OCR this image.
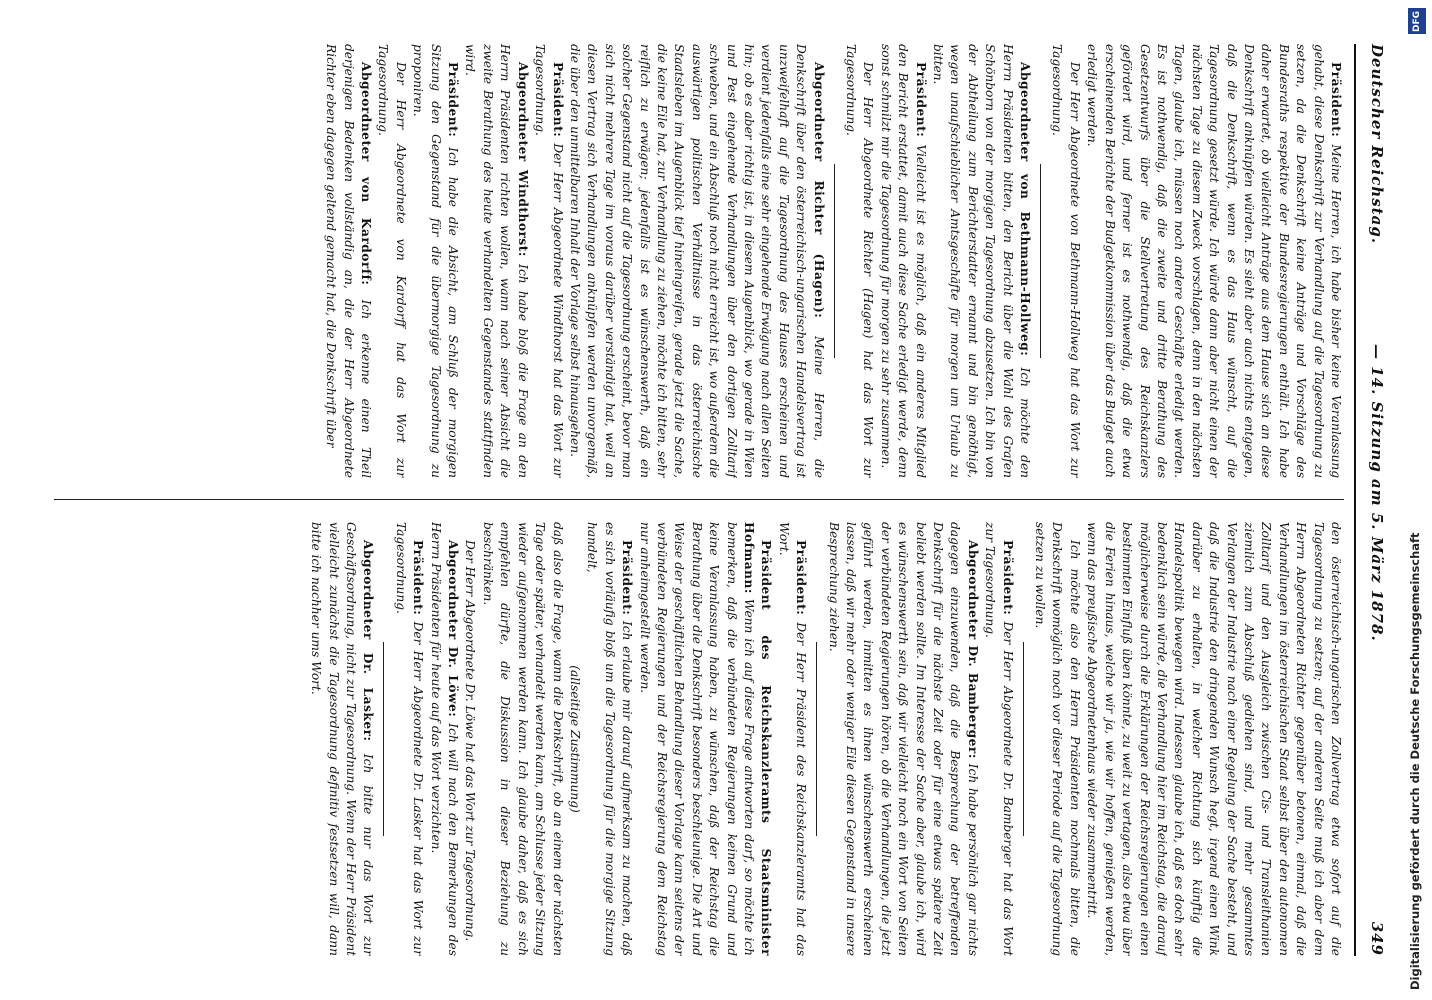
Deutscher Reichstag.
— 14. Sitzung am 5. März 1878.
349

Präsident: Meine Herren, ich habe bisher keine Veranlassung gehabt, diese Denkschrift zur Verhandlung auf die Tagesordnung zu setzen, da die Denkschrift keine Anträge und Vorschläge des Bundesraths respektive der Bundesregierungen enthält. Ich habe daher erwartet, ob vielleicht Anträge aus dem Hause sich an diese Denkschrift anknüpfen würden. Es sieht aber auch nichts entgegen, daß die Denkschrift, wenn es das Haus wünscht, auf die Tagesordnung gesetzt würde. Ich würde dann aber nicht einen der nächsten Tage zu diesem Zweck vorschlagen, denn in den nächsten Tagen, glaube ich, müssen noch andere Geschäfte erledigt werden. Es ist nothwendig, daß die zweite und dritte Berathung des Gesetzentwurfs über die Stellvertretung des Reichskanzlers gefördert wird, und ferner ist es nothwendig, daß die etwa erscheinenden Berichte der Budgetkommission über das Budget auch erledigt werden.

Der Herr Abgeordnete von Bethmann-Hollweg hat das Wort zur Tagesordnung.

Abgeordneter von Bethmann-Hollweg: Ich möchte den Herrn Präsidenten bitten, den Bericht über die Wahl des Grafen Schönborn von der morgigen Tagesordnung abzusetzen. Ich bin von der Abtheilung zum Berichterstatter ernannt und bin genöthigt, wegen unaufschieblicher Amtsgeschäfte für morgen um Urlaub zu bitten.

Präsident: Vielleicht ist es möglich, daß ein anderes Mitglied den Bericht erstattet, damit auch diese Sache erledigt werde, denn sonst schmilzt mir die Tagesordnung für morgen zu sehr zusammen.

Der Herr Abgeordnete Richter (Hagen) hat das Wort zur Tagesordnung.

Abgeordneter Richter (Hagen): Meine Herren, die Denkschrift über den österreichisch-ungarischen Handelsvertrag ist unzweifelhaft auf die Tagesordnung des Hauses erscheinen und verdient jedenfalls eine sehr eingehende Erwägung nach allen Seiten hin; ob es aber richtig ist, in diesem Augenblick, wo gerade in Wien und Pest eingehende Verhandlungen über den dortigen Zolltarif schweben, und ein Abschluß noch nicht erreicht ist, wo außerdem die auswärtigen politischen Verhältnisse in das österreichische Staatsleben im Augenblick tief hineingreifen, gerade jetzt die Sache, die keine Eile hat, zur Verhandlung zu ziehen, möchte ich bitten, sehr reiflich zu erwägen; jedenfalls ist es wünschenswerth, daß ein solcher Gegenstand nicht auf die Tagesordnung erscheint, bevor man sich nicht mehrere Tage im voraus darüber verständigt hat, weil an diesen Vertrag sich Verhandlungen anknüpfen werden unvorgemäß, die über den unmittelbaren Inhalt der Vorlage selbst hinausgehen.

Präsident: Der Herr Abgeordnete Windthorst hat das Wort zur Tagesordnung.

Abgeordneter Windthorst: Ich habe bloß die Frage an den Herrn Präsidenten richten wollen, wann nach seiner Absicht die zweite Berathung des heute verhandelten Gegenstandes stattfinden wird.

Präsident: Ich habe die Absicht, am Schluß der morgigen Sitzung den Gegenstand für die übermorgige Tagesordnung zu proponiren.

Der Herr Abgeordnete von Kardorff hat das Wort zur Tagesordnung.

Abgeordneter von Kardorff: Ich erkenne einen Theil derjenigen Bedenken vollständig an, die der Herr Abgeordnete Richter eben dagegen geltend gemacht hat, die Denkschrift über

den österreichisch-ungarischen Zollvertrag etwa sofort auf die Tagesordnung zu setzen; auf der anderen Seite muß ich aber dem Herrn Abgeordneten Richter gegenüber betonen, einmal, daß die Verhandlungen im österreichischen Staat selbst über den autonomen Zolltarif und den Ausgleich zwischen Cis- und Transleithanien ziemlich zum Abschluß gediehen sind, und mehr gesammtes Verlangen der Industrie nach einer Regelung der Sache besteht, und daß die Industrie den dringenden Wunsch hegt, irgend einen Wink darüber zu erhalten, in welcher Richtung sich künftig die Handelspolitik bewegen wird. Indessen glaube ich, daß es doch sehr bedenklich sein würde, die Verhandlung hier im Reichstag, die darauf möglicherweise durch die Erklärungen der Reichsregierungen einen bestimmten Einfluß üben könnte, zu weit zu vertagen, also etwa über die Ferien hinaus, welche wir ja, wie wir hoffen, genießen werden, wenn das preußische Abgeordnetenhaus wieder zusammentritt.

Ich möchte also den Herrn Präsidenten nochmals bitten, die Denkschrift womöglich noch vor dieser Periode auf die Tagesordnung setzen zu wollen.

Präsident: Der Herr Abgeordnete Dr. Bamberger hat das Wort zur Tagesordnung.

Abgeordneter Dr. Bamberger: Ich habe persönlich gar nichts dagegen einzuwenden, daß die Besprechung der betreffenden Denkschrift für die nächste Zeit oder für eine etwas spätere Zeit beliebt werden sollte. Im Interesse der Sache aber, glaube ich, wird es wünschenswerth sein, daß wir vielleicht noch ein Wort von Seiten der verbündeten Regierungen hören, ob die Verhandlungen, die jetzt geführt werden, inmitten es ihnen wünschenswerth erscheinen lassen, daß wir mehr oder weniger Eile diesen Gegenstand in unsere Besprechung ziehen.

Präsident: Der Herr Präsident des Reichskanzleramts hat das Wort.

Präsident des Reichskanzleramts Staatsminister Hofmann: Wenn ich auf diese Frage antworten darf, so möchte ich bemerken, daß die verbündeten Regierungen keinen Grund und keine Veranlassung haben, zu wünschen, daß der Reichstag die Berathung über die Denkschrift besonders beschleunige. Die Art und Weise der geschäftlichen Behandlung dieser Vorlage kann seitens der verbündeten Regierungen und der Reichsregierung dem Reichstag nur anheimgestellt werden.

Präsident: Ich erlaube mir darauf aufmerksam zu machen, daß es sich vorläufig bloß um die Tagesordnung für die morgige Sitzung handelt,

(allseitige Zustimmung)

daß also die Frage, wann die Denkschrift, ob an einem der nächsten Tage oder später, verhandelt werden kann, am Schlusse jeder Sitzung wieder aufgenommen werden kann. Ich glaube daher, daß es sich empfehlen dürfte, die Diskussion in dieser Beziehung zu beschränken.

Der Herr Abgeordnete Dr. Löwe hat das Wort zur Tagesordnung.

Abgeordneter Dr. Löwe: Ich will nach den Bemerkungen des Herrn Präsidenten für heute auf das Wort verzichten.

Präsident: Der Herr Abgeordnete Dr. Lasker hat das Wort zur Tagesordnung.

Abgeordneter Dr. Lasker: Ich bitte nur das Wort zur Geschäftsordnung, nicht zur Tagesordnung. Wenn der Herr Präsident vielleicht zunächst die Tagesordnung definitiv festsetzen will, dann bitte ich nachher ums Wort.

DFG
Digitalisierung gefördert durch die Deutsche Forschungsgemeinschaft
